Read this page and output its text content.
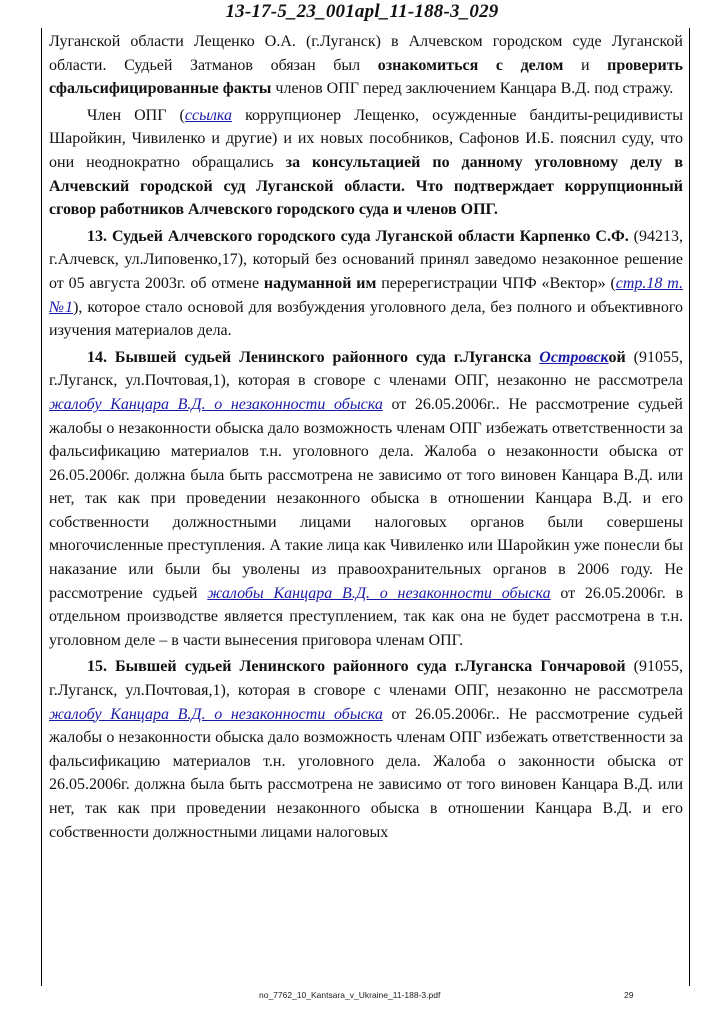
13-17-5_23_001apl_11-188-3_029

Луганской области Лещенко О.А. (г.Луганск) в Алчевском городском суде Луганской области. Судьей Затманов обязан был ознакомиться с делом и проверить сфальсифицированные факты членов ОПГ перед заключением Канцара В.Д. под стражу.

Член ОПГ (ссылка коррупционер Лещенко, осужденные бандиты-рецидивисты Шаройкин, Чивиленко и другие) и их новых пособников, Сафонов И.Б. пояснил суду, что они неоднократно обращались за консультацией по данному уголовному делу в Алчевский городской суд Луганской области. Что подтверждает коррупционный сговор работников Алчевского городского суда и членов ОПГ.

13. Судьей Алчевского городского суда Луганской области Карпенко С.Ф. (94213, г.Алчевск, ул.Липовенко,17), который без оснований принял заведомо незаконное решение от 05 августа 2003г. об отмене надуманной им перерегистрации ЧПФ «Вектор» (стр.18 т. №1), которое стало основой для возбуждения уголовного дела, без полного и объективного изучения материалов дела.

14. Бывшей судьей Ленинского районного суда г.Луганска Островской (91055, г.Луганск, ул.Почтовая,1), которая в сговоре с членами ОПГ, незаконно не рассмотрела жалобу Канцара В.Д. о незаконности обыска от 26.05.2006г.. Не рассмотрение судьей жалобы о незаконности обыска дало возможность членам ОПГ избежать ответственности за фальсификацию материалов т.н. уголовного дела. Жалоба о незаконности обыска от 26.05.2006г. должна была быть рассмотрена не зависимо от того виновен Канцара В.Д. или нет, так как при проведении незаконного обыска в отношении Канцара В.Д. и его собственности должностными лицами налоговых органов были совершены многочисленные преступления. А такие лица как Чивиленко или Шаройкин уже понесли бы наказание или были бы уволены из правоохранительных органов в 2006 году. Не рассмотрение судьей жалобы Канцара В.Д. о незаконности обыска от 26.05.2006г. в отдельном производстве является преступлением, так как она не будет рассмотрена в т.н. уголовном деле – в части вынесения приговора членам ОПГ.

15. Бывшей судьей Ленинского районного суда г.Луганска Гончаровой (91055, г.Луганск, ул.Почтовая,1), которая в сговоре с членами ОПГ, незаконно не рассмотрела жалобу Канцара В.Д. о незаконности обыска от 26.05.2006г.. Не рассмотрение судьей жалобы о незаконности обыска дало возможность членам ОПГ избежать ответственности за фальсификацию материалов т.н. уголовного дела. Жалоба о законности обыска от 26.05.2006г. должна была быть рассмотрена не зависимо от того виновен Канцара В.Д. или нет, так как при проведении незаконного обыска в отношении Канцара В.Д. и его собственности должностными лицами налоговых

no_7762_10_Kantsara_v_Ukraine_11-188-3.pdf	29
